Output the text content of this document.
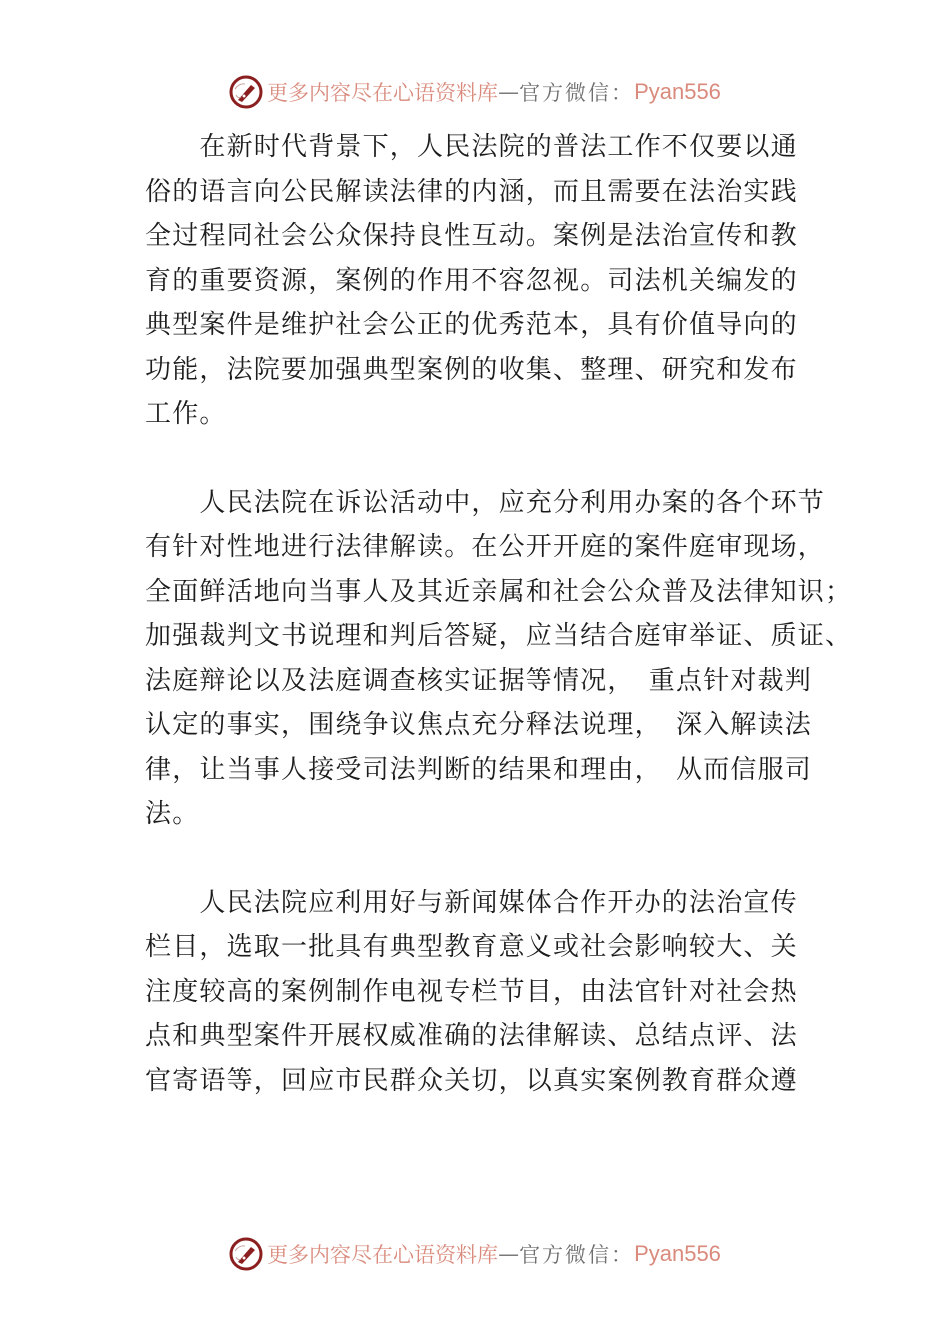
更多内容尽在心语资料库 — 官方微信： Pyan556

　　在新时代背景下，人民法院的普法工作不仅要以通
俗的语言向公民解读法律的内涵，而且需要在法治实践
全过程同社会公众保持良性互动。案例是法治宣传和教
育的重要资源，案例的作用不容忽视。司法机关编发的
典型案件是维护社会公正的优秀范本，具有价值导向的
功能，法院要加强典型案例的收集、整理、研究和发布
工作。

　　人民法院在诉讼活动中，应充分利用办案的各个环节
有针对性地进行法律解读。在公开开庭的案件庭审现场，
全面鲜活地向当事人及其近亲属和社会公众普及法律知识；
加强裁判文书说理和判后答疑，应当结合庭审举证、质证、
法庭辩论以及法庭调查核实证据等情况，　重点针对裁判
认定的事实，围绕争议焦点充分释法说理，　深入解读法
律，让当事人接受司法判断的结果和理由，　从而信服司
法。

　　人民法院应利用好与新闻媒体合作开办的法治宣传
栏目，选取一批具有典型教育意义或社会影响较大、关
注度较高的案例制作电视专栏节目，由法官针对社会热
点和典型案件开展权威准确的法律解读、总结点评、法
官寄语等，回应市民群众关切，以真实案例教育群众遵

更多内容尽在心语资料库 — 官方微信： Pyan556
